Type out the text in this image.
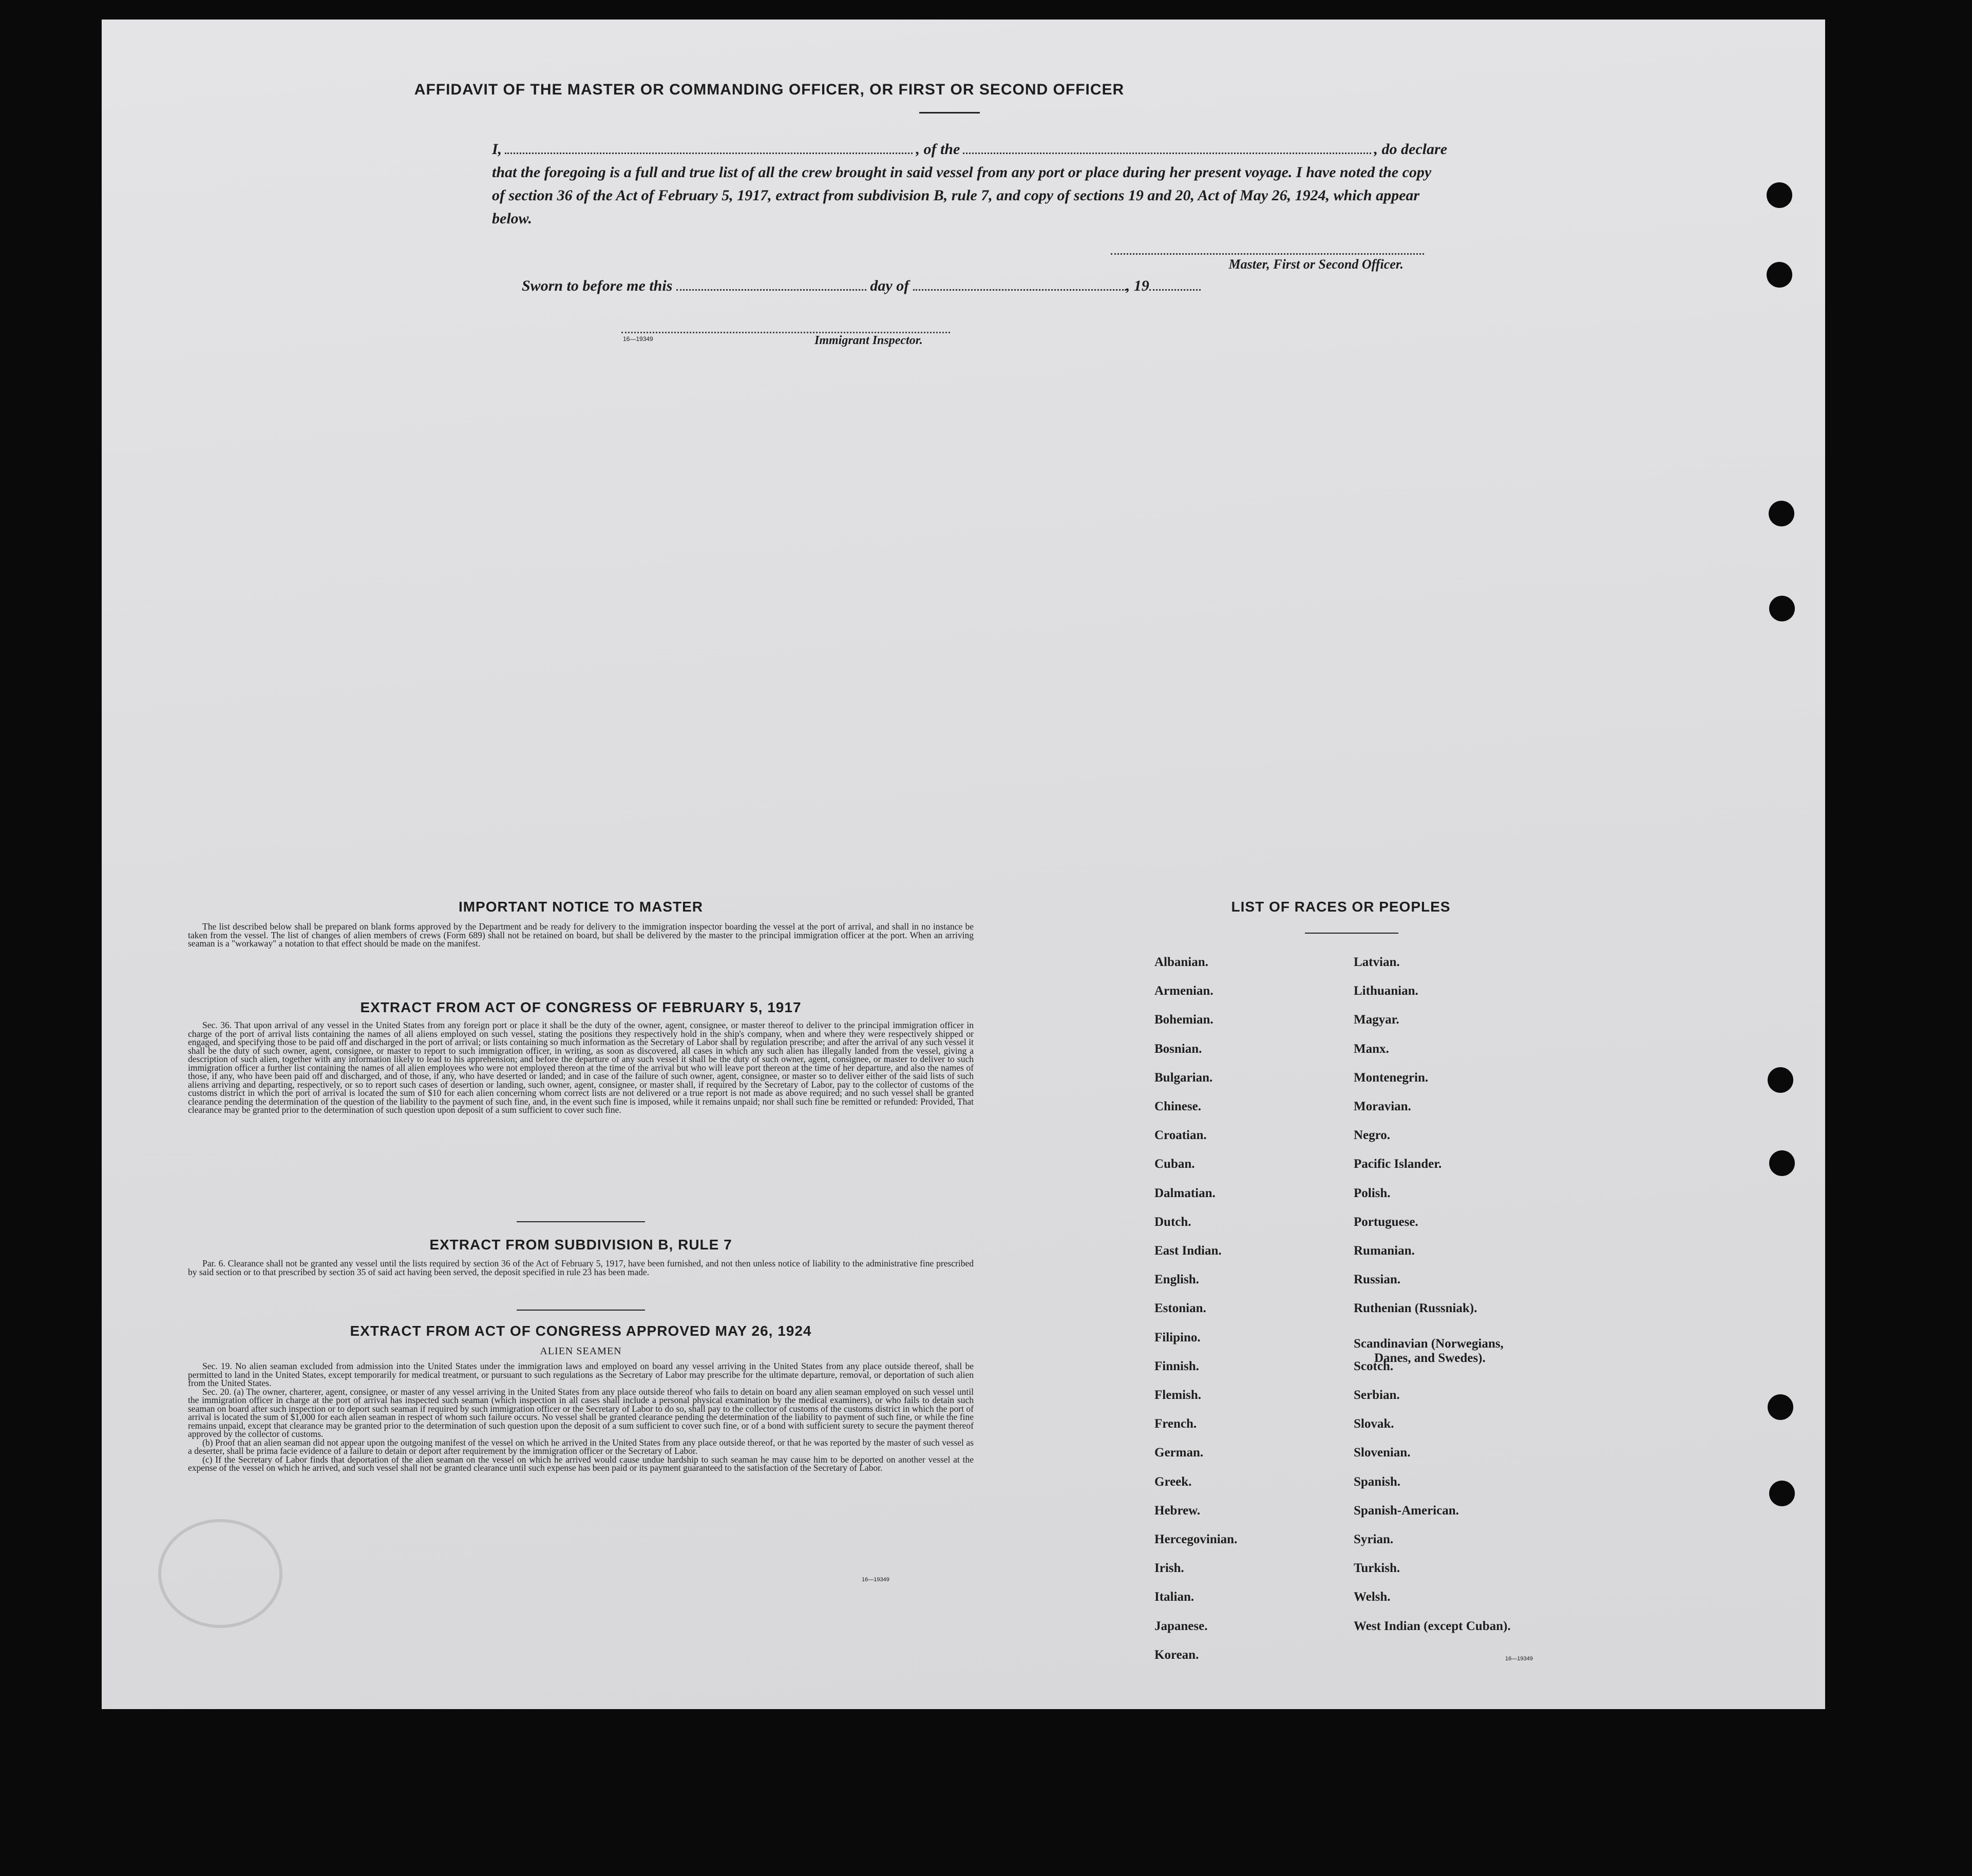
AFFIDAVIT OF THE MASTER OR COMMANDING OFFICER, OR FIRST OR SECOND OFFICER
I,	, of the	, do declare
that the foregoing is a full and true list of all the crew brought in said vessel from any port or place during her present voyage. I have noted the copy of section 36 of the Act of February 5, 1917, extract from subdivision B, rule 7, and copy of sections 19 and 20, Act of May 26, 1924, which appear below.
Master, First or Second Officer.
Sworn to before me this	day of	, 19
16—19349	Immigrant Inspector.
IMPORTANT NOTICE TO MASTER

The list described below shall be prepared on blank forms approved by the Department and be ready for delivery to the immigration inspector boarding the vessel at the port of arrival, and shall in no instance be taken from the vessel. The list of changes of alien members of crews (Form 689) shall not be retained on board, but shall be delivered by the master to the principal immigration officer at the port. When an arriving seaman is a "workaway" a notation to that effect should be made on the manifest.

EXTRACT FROM ACT OF CONGRESS OF FEBRUARY 5, 1917

Sec. 36. That upon arrival of any vessel in the United States from any foreign port or place it shall be the duty of the owner, agent, consignee, or master thereof to deliver to the principal immigration officer in charge of the port of arrival lists containing the names of all aliens employed on such vessel, stating the positions they respectively hold in the ship's company, when and where they were respectively shipped or engaged, and specifying those to be paid off and discharged in the port of arrival; or lists containing so much information as the Secretary of Labor shall by regulation prescribe; and after the arrival of any such vessel it shall be the duty of such owner, agent, consignee, or master to report to such immigration officer, in writing, as soon as discovered, all cases in which any such alien has illegally landed from the vessel, giving a description of such alien, together with any information likely to lead to his apprehension; and before the departure of any such vessel it shall be the duty of such owner, agent, consignee, or master to deliver to such immigration officer a further list containing the names of all alien employees who were not employed thereon at the time of the arrival but who will leave port thereon at the time of her departure, and also the names of those, if any, who have been paid off and discharged, and of those, if any, who have deserted or landed; and in case of the failure of such owner, agent, consignee, or master so to deliver either of the said lists of such aliens arriving and departing, respectively, or so to report such cases of desertion or landing, such owner, agent, consignee, or master shall, if required by the Secretary of Labor, pay to the collector of customs of the customs district in which the port of arrival is located the sum of $10 for each alien concerning whom correct lists are not delivered or a true report is not made as above required; and no such vessel shall be granted clearance pending the determination of the question of the liability to the payment of such fine, and, in the event such fine is imposed, while it remains unpaid; nor shall such fine be remitted or refunded: Provided, That clearance may be granted prior to the determination of such question upon deposit of a sum sufficient to cover such fine.

EXTRACT FROM SUBDIVISION B, RULE 7

Par. 6. Clearance shall not be granted any vessel until the lists required by section 36 of the Act of February 5, 1917, have been furnished, and not then unless notice of liability to the administrative fine prescribed by said section or to that prescribed by section 35 of said act having been served, the deposit specified in rule 23 has been made.

EXTRACT FROM ACT OF CONGRESS APPROVED MAY 26, 1924
ALIEN SEAMEN

Sec. 19. No alien seaman excluded from admission into the United States under the immigration laws and employed on board any vessel arriving in the United States from any place outside thereof, shall be permitted to land in the United States, except temporarily for medical treatment, or pursuant to such regulations as the Secretary of Labor may prescribe for the ultimate departure, removal, or deportation of such alien from the United States.

Sec. 20. (a) The owner, charterer, agent, consignee, or master of any vessel arriving in the United States from any place outside thereof who fails to detain on board any alien seaman employed on such vessel until the immigration officer in charge at the port of arrival has inspected such seaman (which inspection in all cases shall include a personal physical examination by the medical examiners), or who fails to detain such seaman on board after such inspection or to deport such seaman if required by such immigration officer or the Secretary of Labor to do so, shall pay to the collector of customs of the customs district in which the port of arrival is located the sum of $1,000 for each alien seaman in respect of whom such failure occurs. No vessel shall be granted clearance pending the determination of the liability to payment of such fine, or while the fine remains unpaid, except that clearance may be granted prior to the determination of such question upon the deposit of a sum sufficient to cover such fine, or of a bond with sufficient surety to secure the payment thereof approved by the collector of customs.

(b) Proof that an alien seaman did not appear upon the outgoing manifest of the vessel on which he arrived in the United States from any place outside thereof, or that he was reported by the master of such vessel as a deserter, shall be prima facie evidence of a failure to detain or deport after requirement by the immigration officer or the Secretary of Labor.

(c) If the Secretary of Labor finds that deportation of the alien seaman on the vessel on which he arrived would cause undue hardship to such seaman he may cause him to be deported on another vessel at the expense of the vessel on which he arrived, and such vessel shall not be granted clearance until such expense has been paid or its payment guaranteed to the satisfaction of the Secretary of Labor.

16—19349
LIST OF RACES OR PEOPLES
16—19349
Albanian.
Armenian.
Bohemian.
Bosnian.
Bulgarian.
Chinese.
Croatian.
Cuban.
Dalmatian.
Dutch.
East Indian.
English.
Estonian.
Filipino.
Finnish.
Flemish.
French.
German.
Greek.
Hebrew.
Hercegovinian.
Irish.
Italian.
Japanese.
Korean.
Latvian.
Lithuanian.
Magyar.
Manx.
Montenegrin.
Moravian.
Negro.
Pacific Islander.
Polish.
Portuguese.
Rumanian.
Russian.
Ruthenian (Russniak).
Scandinavian (Norwegians,
Danes, and Swedes).
Scotch.
Serbian.
Slovak.
Slovenian.
Spanish.
Spanish-American.
Syrian.
Turkish.
Welsh.
West Indian (except Cuban).
